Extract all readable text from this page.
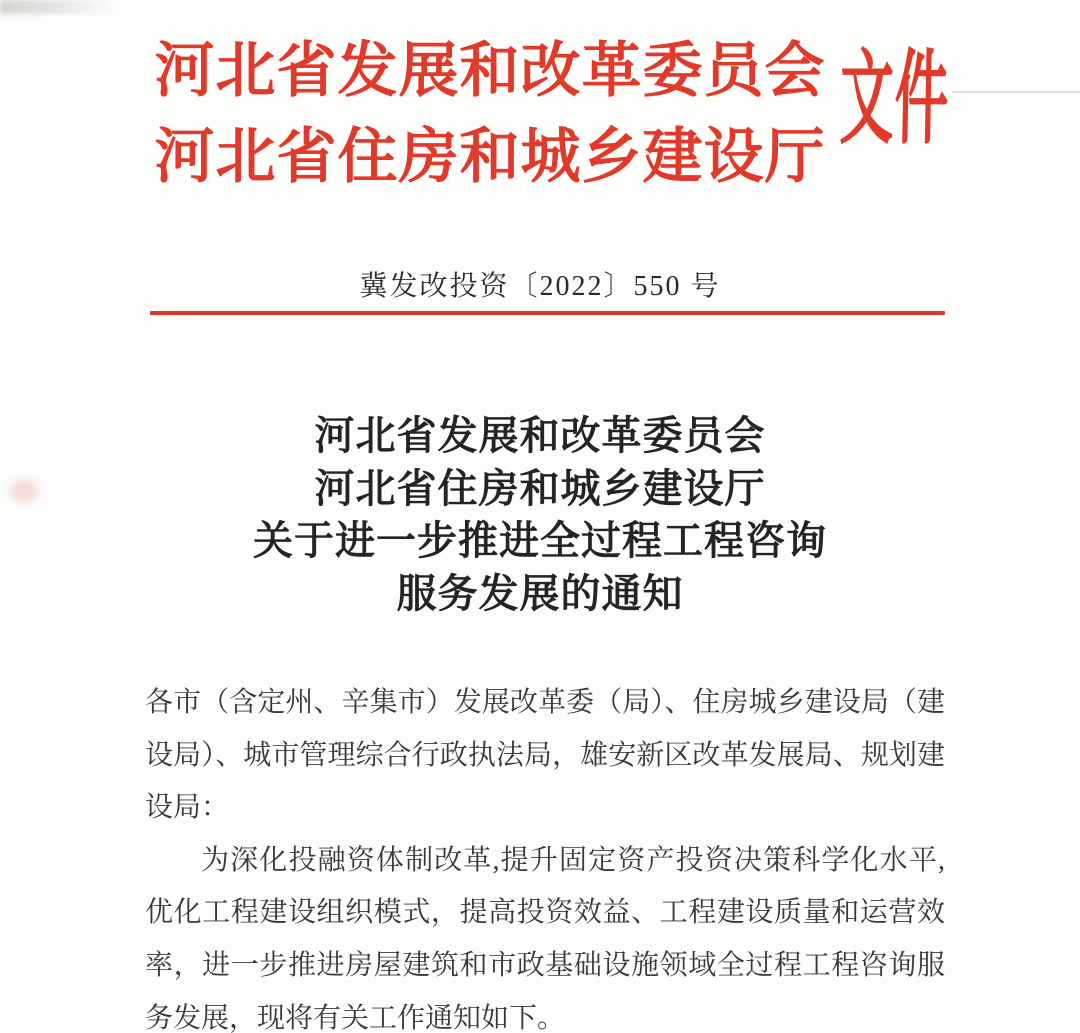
河北省发展和改革委员会
河北省住房和城乡建设厅 文件
冀发改投资〔2022〕550 号
河北省发展和改革委员会
河北省住房和城乡建设厅
关于进一步推进全过程工程咨询
服务发展的通知
各市（含定州、辛集市）发展改革委（局）、住房城乡建设局（建
设局）、城市管理综合行政执法局，雄安新区改革发展局、规划建
设局：
为深化投融资体制改革,提升固定资产投资决策科学化水平,
优化工程建设组织模式，提高投资效益、工程建设质量和运营效
率，进一步推进房屋建筑和市政基础设施领域全过程工程咨询服
务发展，现将有关工作通知如下。
